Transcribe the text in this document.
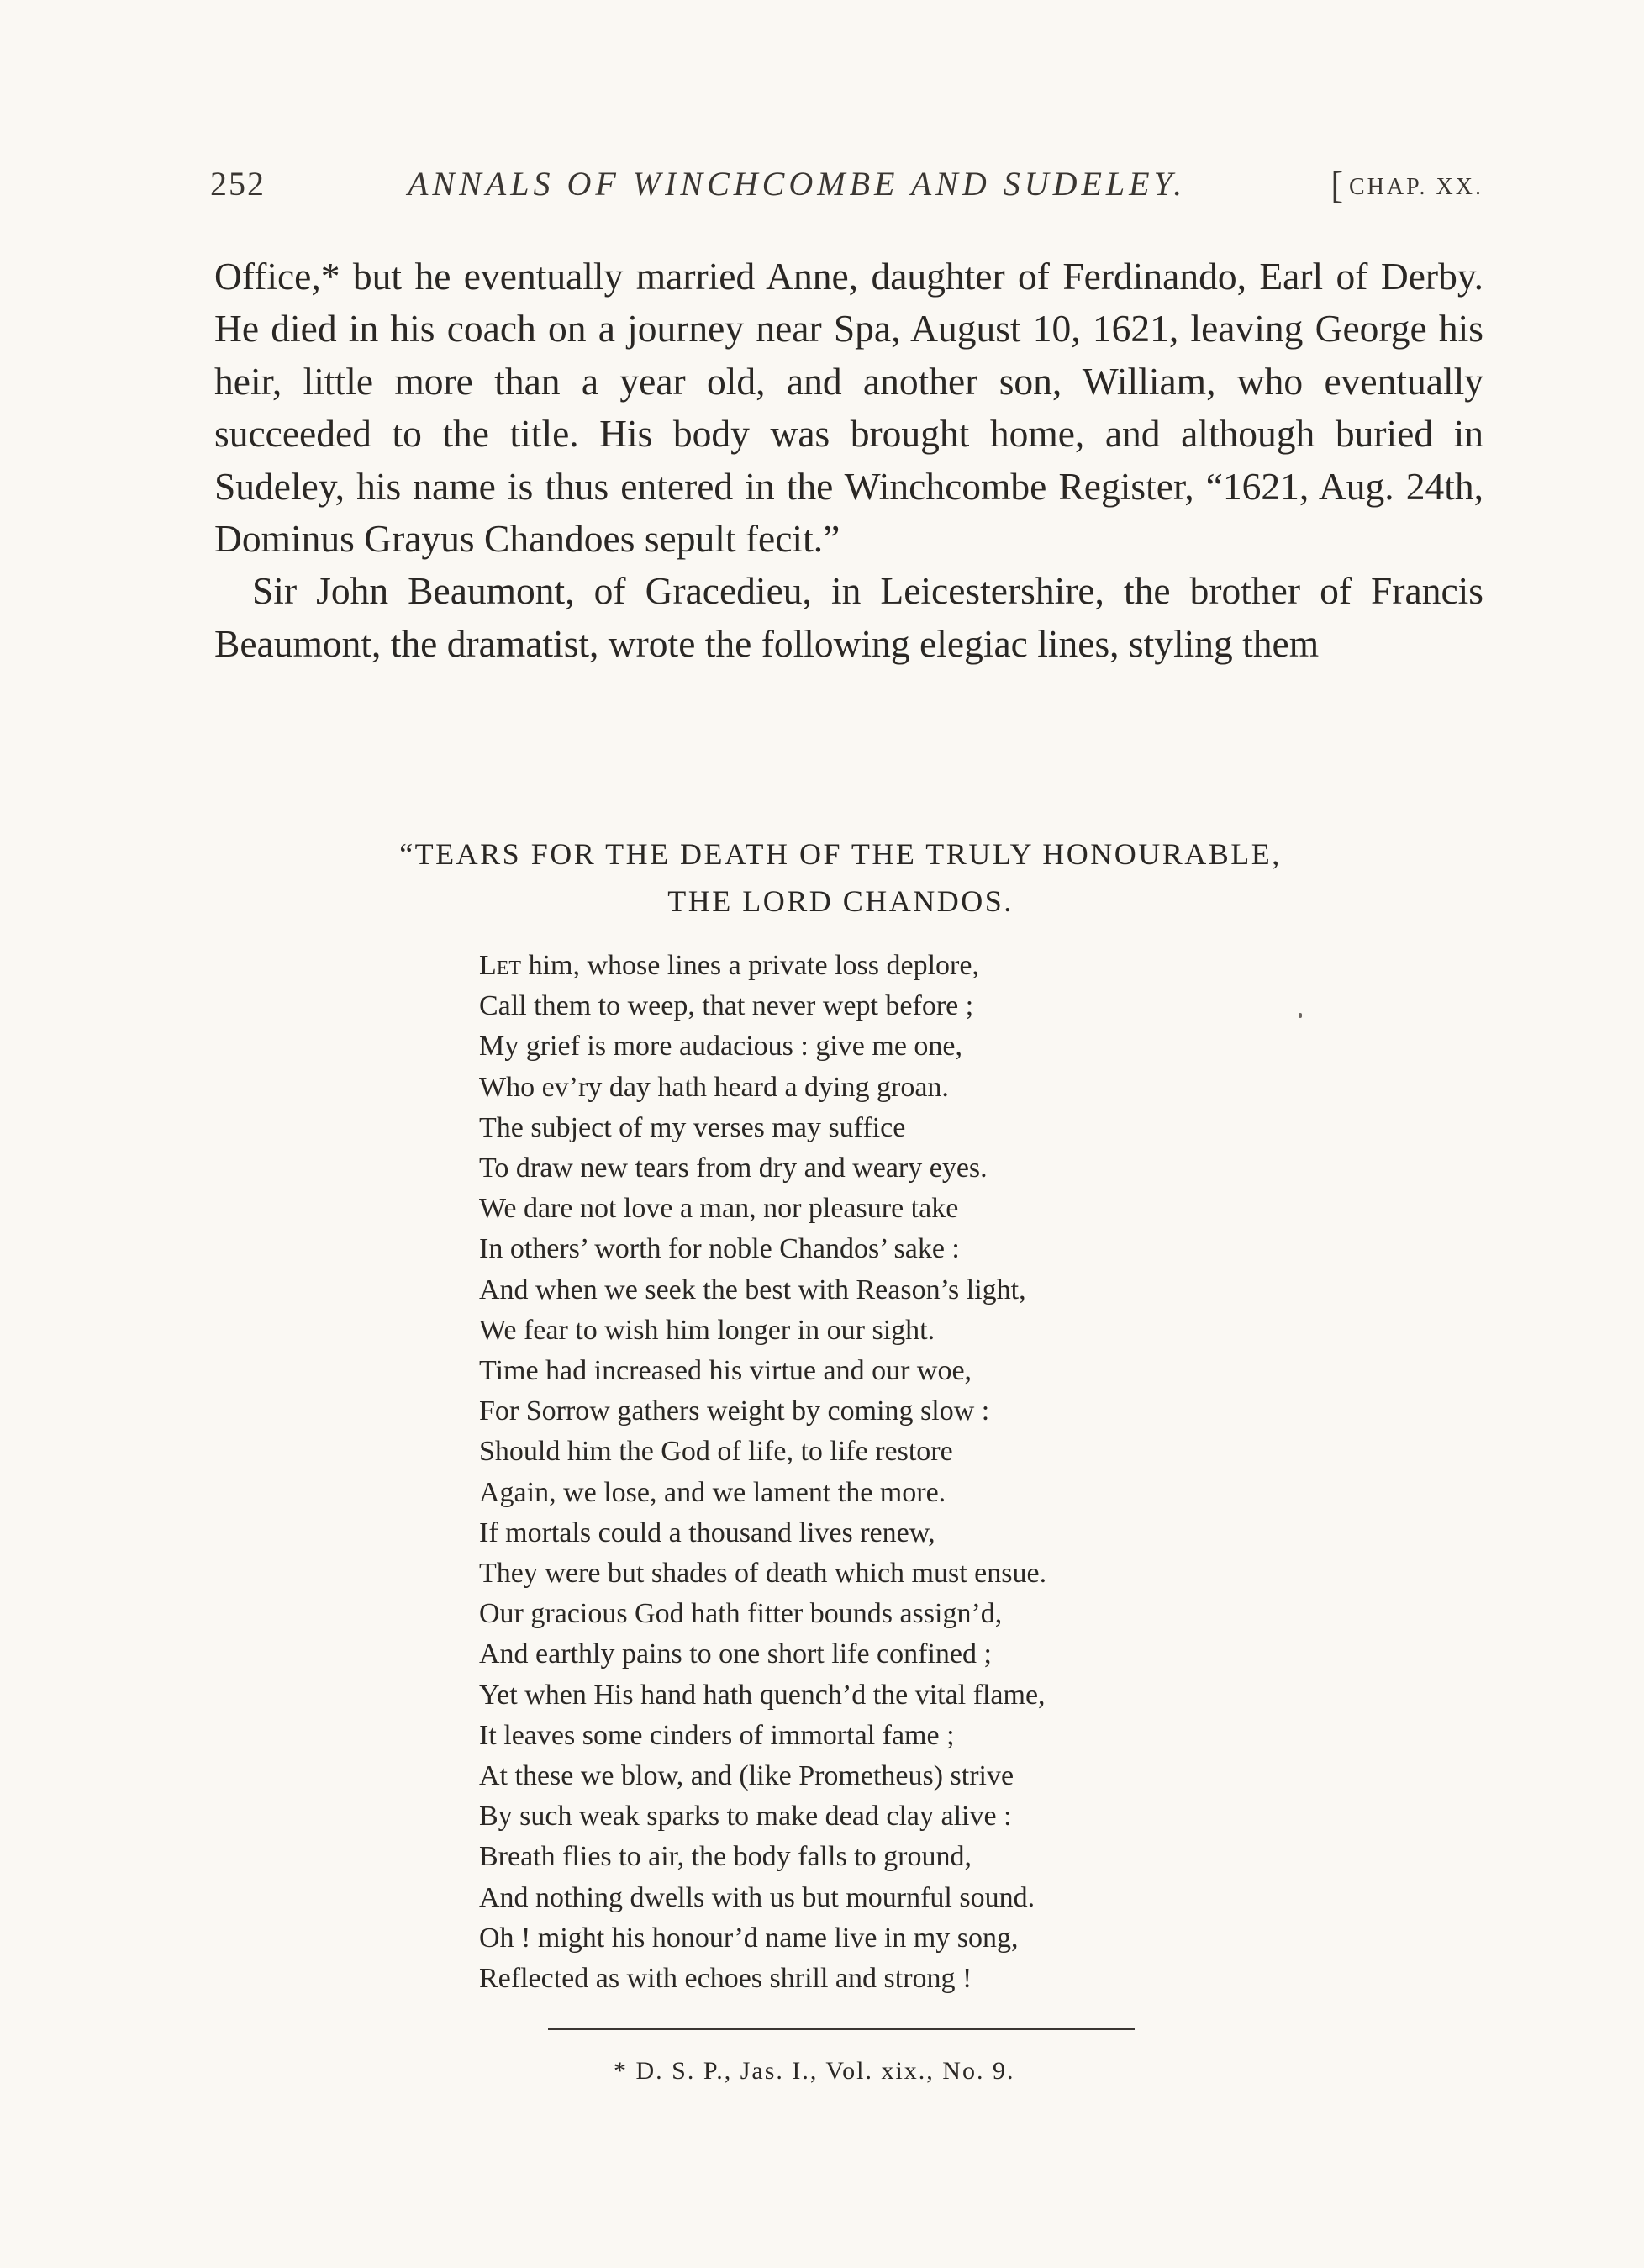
252	ANNALS OF WINCHCOMBE AND SUDELEY.	[ CHAP. XX.

Office,* but he eventually married Anne, daughter of Ferdinando, Earl of Derby. He died in his coach on a journey near Spa, August 10, 1621, leaving George his heir, little more than a year old, and another son, William, who eventually succeeded to the title. His body was brought home, and although buried in Sudeley, his name is thus entered in the Winchcombe Register, “1621, Aug. 24th, Dominus Grayus Chandoes sepult fecit.”

Sir John Beaumont, of Gracedieu, in Leicestershire, the brother of Francis Beaumont, the dramatist, wrote the following elegiac lines, styling them

“TEARS FOR THE DEATH OF THE TRULY HONOURABLE,
THE LORD CHANDOS.
Let him, whose lines a private loss deplore,
Call them to weep, that never wept before ;
My grief is more audacious : give me one,
Who ev’ry day hath heard a dying groan.
The subject of my verses may suffice
To draw new tears from dry and weary eyes.
We dare not love a man, nor pleasure take
In others’ worth for noble Chandos’ sake :
And when we seek the best with Reason’s light,
We fear to wish him longer in our sight.
Time had increased his virtue and our woe,
For Sorrow gathers weight by coming slow :
Should him the God of life, to life restore
Again, we lose, and we lament the more.
If mortals could a thousand lives renew,
They were but shades of death which must ensue.
Our gracious God hath fitter bounds assign’d,
And earthly pains to one short life confined ;
Yet when His hand hath quench’d the vital flame,
It leaves some cinders of immortal fame ;
At these we blow, and (like Prometheus) strive
By such weak sparks to make dead clay alive :
Breath flies to air, the body falls to ground,
And nothing dwells with us but mournful sound.
Oh ! might his honour’d name live in my song,
Reflected as with echoes shrill and strong !
* D. S. P., Jas. I., Vol. xix., No. 9.
